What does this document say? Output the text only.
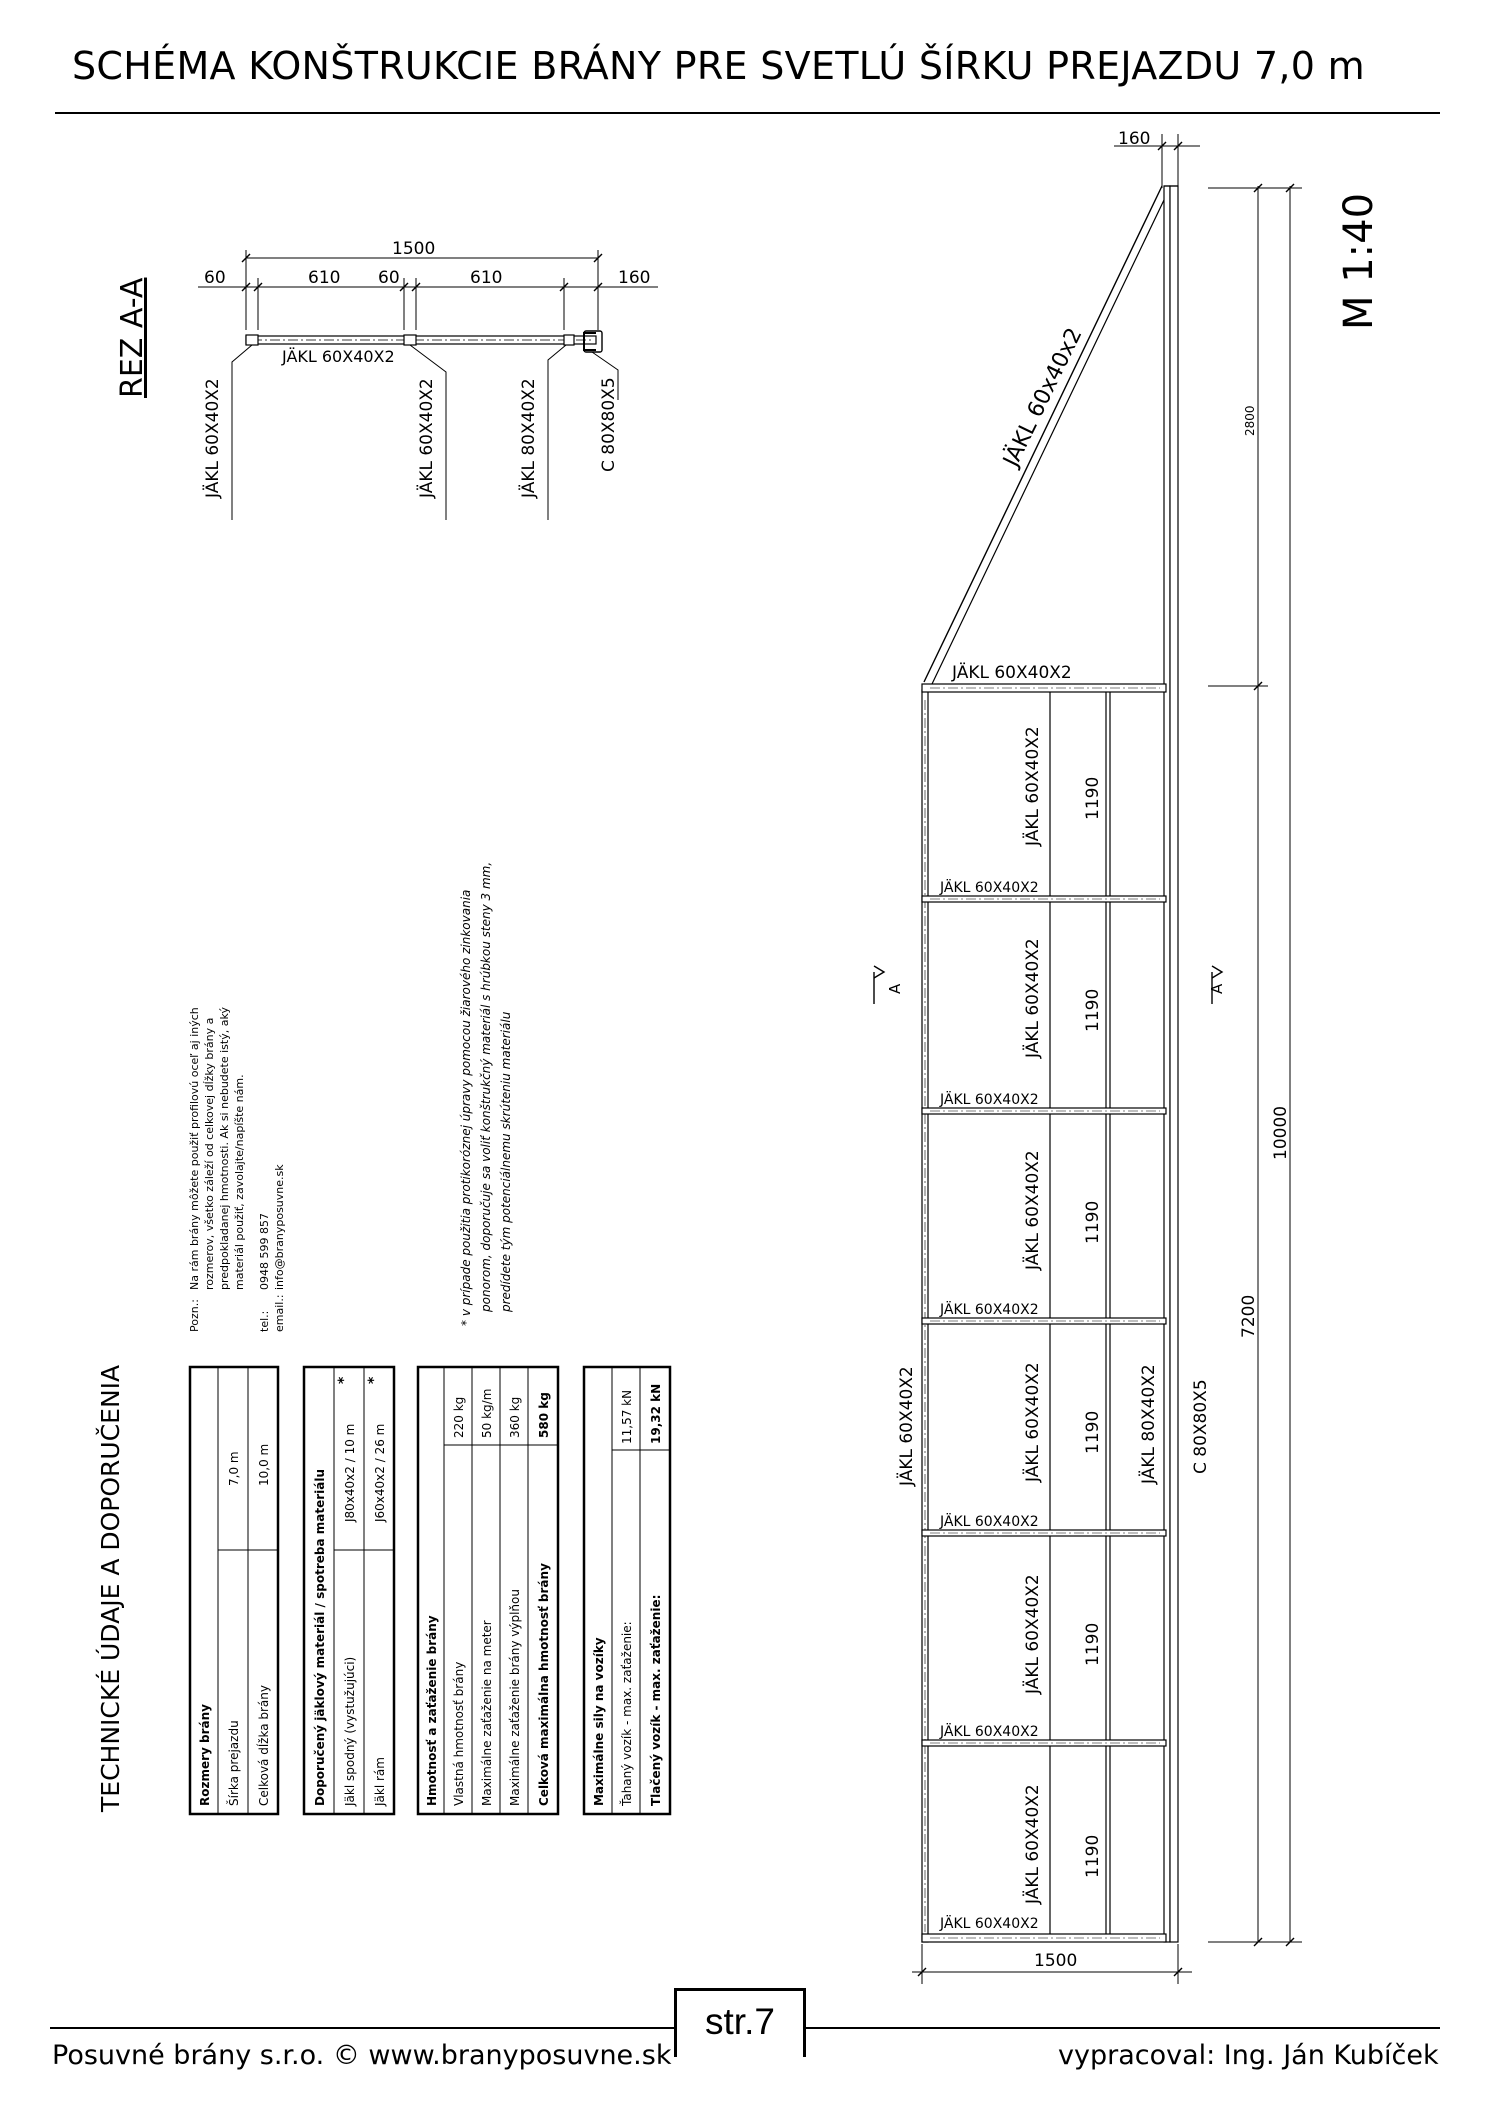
SCHÉMA KONŠTRUKCIE BRÁNY PRE SVETLÚ ŠÍRKU PREJAZDU 7,0 m
M 1:40
REZ A-A
1500
60	610 60	610	160
JÄKL 60X40X2
JÄKL 60X40X2	JÄKL 60X40X2	JÄKL 80X40X2	C 80X80X5
160
JÄKL 60x40x2
JÄKL 60X40X2
JÄKL 60X40X2
JÄKL 60X40X2
JÄKL 60X40X2
JÄKL 60X40X2
JÄKL 60X40X2
JÄKL 60X40X2
JÄKL 60X40X2
JÄKL 60X40X2
JÄKL 60X40X2
JÄKL 60X40X2
JÄKL 60X40X2
JÄKL 60X40X2
1190
1190
1190
1190
1190
1190
JÄKL 60X40X2	JÄKL 80X40X2 C 80X80X5
2800
7200
10000
1500
A	A
TECHNICKÉ ÚDAJE A DOPORUČENIA	Rozmery brány Šírka prejazdu
7,0 m
Celková dĺžka brány
10,0 m
Doporučený jäklový materiál / spotreba materiálu Jäkl spodný (vystužujúci)
J80x40x2 / 10 m
*
Jäkl rám
J60x40x2 / 26 m
*
Hmotnosť a zaťaženie brány Vlastná hmotnosť brány
220 kg
Maximálne zaťaženie na meter
50 kg/m
Maximálne zaťaženie brány výplňou
360 kg
Celková maximálna hmotnosť brány
580 kg
Maximálne sily na vozíky Ťahaný vozík - max. zaťaženie:
11,57 kN
Tlačený vozík - max. zaťaženie:
19,32 kN
Pozn.:
Na rám brány môžete použiť profilovú oceľ aj iných rozmerov, všetko záleží od celkovej dĺžky brány a predpokladanej hmotnosti. Ak si nebudete istý, aký materiál použiť, zavolajte/napíšte nám.
tel.:
0948 599 857
email.:
info@branyposuvne.sk	* v prípade použitia protikoróznej úpravy pomocou žiarového zinkovania ponorom, doporučuje sa voliť konštrukčný materiál s hrúbkou steny 3 mm, predídete tým potenciálnemu skrúteniu materiálu
str.7
Posuvné brány s.r.o. © www.branyposuvne.sk	vypracoval: Ing. Ján Kubíček
